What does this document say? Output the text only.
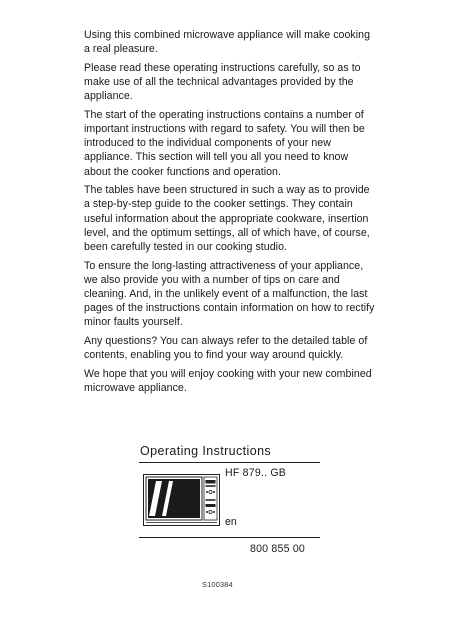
Using this combined microwave appliance will make cooking a real pleasure.

Please read these operating instructions carefully, so as to make use of all the technical advantages provided by the appliance.

The start of the operating instructions contains a number of important instructions with regard to safety. You will then be introduced to the individual components of your new appliance. This section will tell you all you need to know about the cooker functions and operation.

The tables have been structured in such a way as to provide a step-by-step guide to the cooker settings. They contain useful information about the appropriate cookware, insertion level, and the optimum settings, all of which have, of course, been carefully tested in our cooking studio.

To ensure the long-lasting attractiveness of your appliance, we also provide you with a number of tips on care and cleaning. And, in the unlikely event of a malfunction, the last pages of the instructions contain information on how to rectify minor faults yourself.

Any questions? You can always refer to the detailed table of contents, enabling you to find your way around quickly.

We hope that you will enjoy cooking with your new combined microwave appliance.

Operating Instructions
HF 879.. GB
en
800 855 00
S100384
